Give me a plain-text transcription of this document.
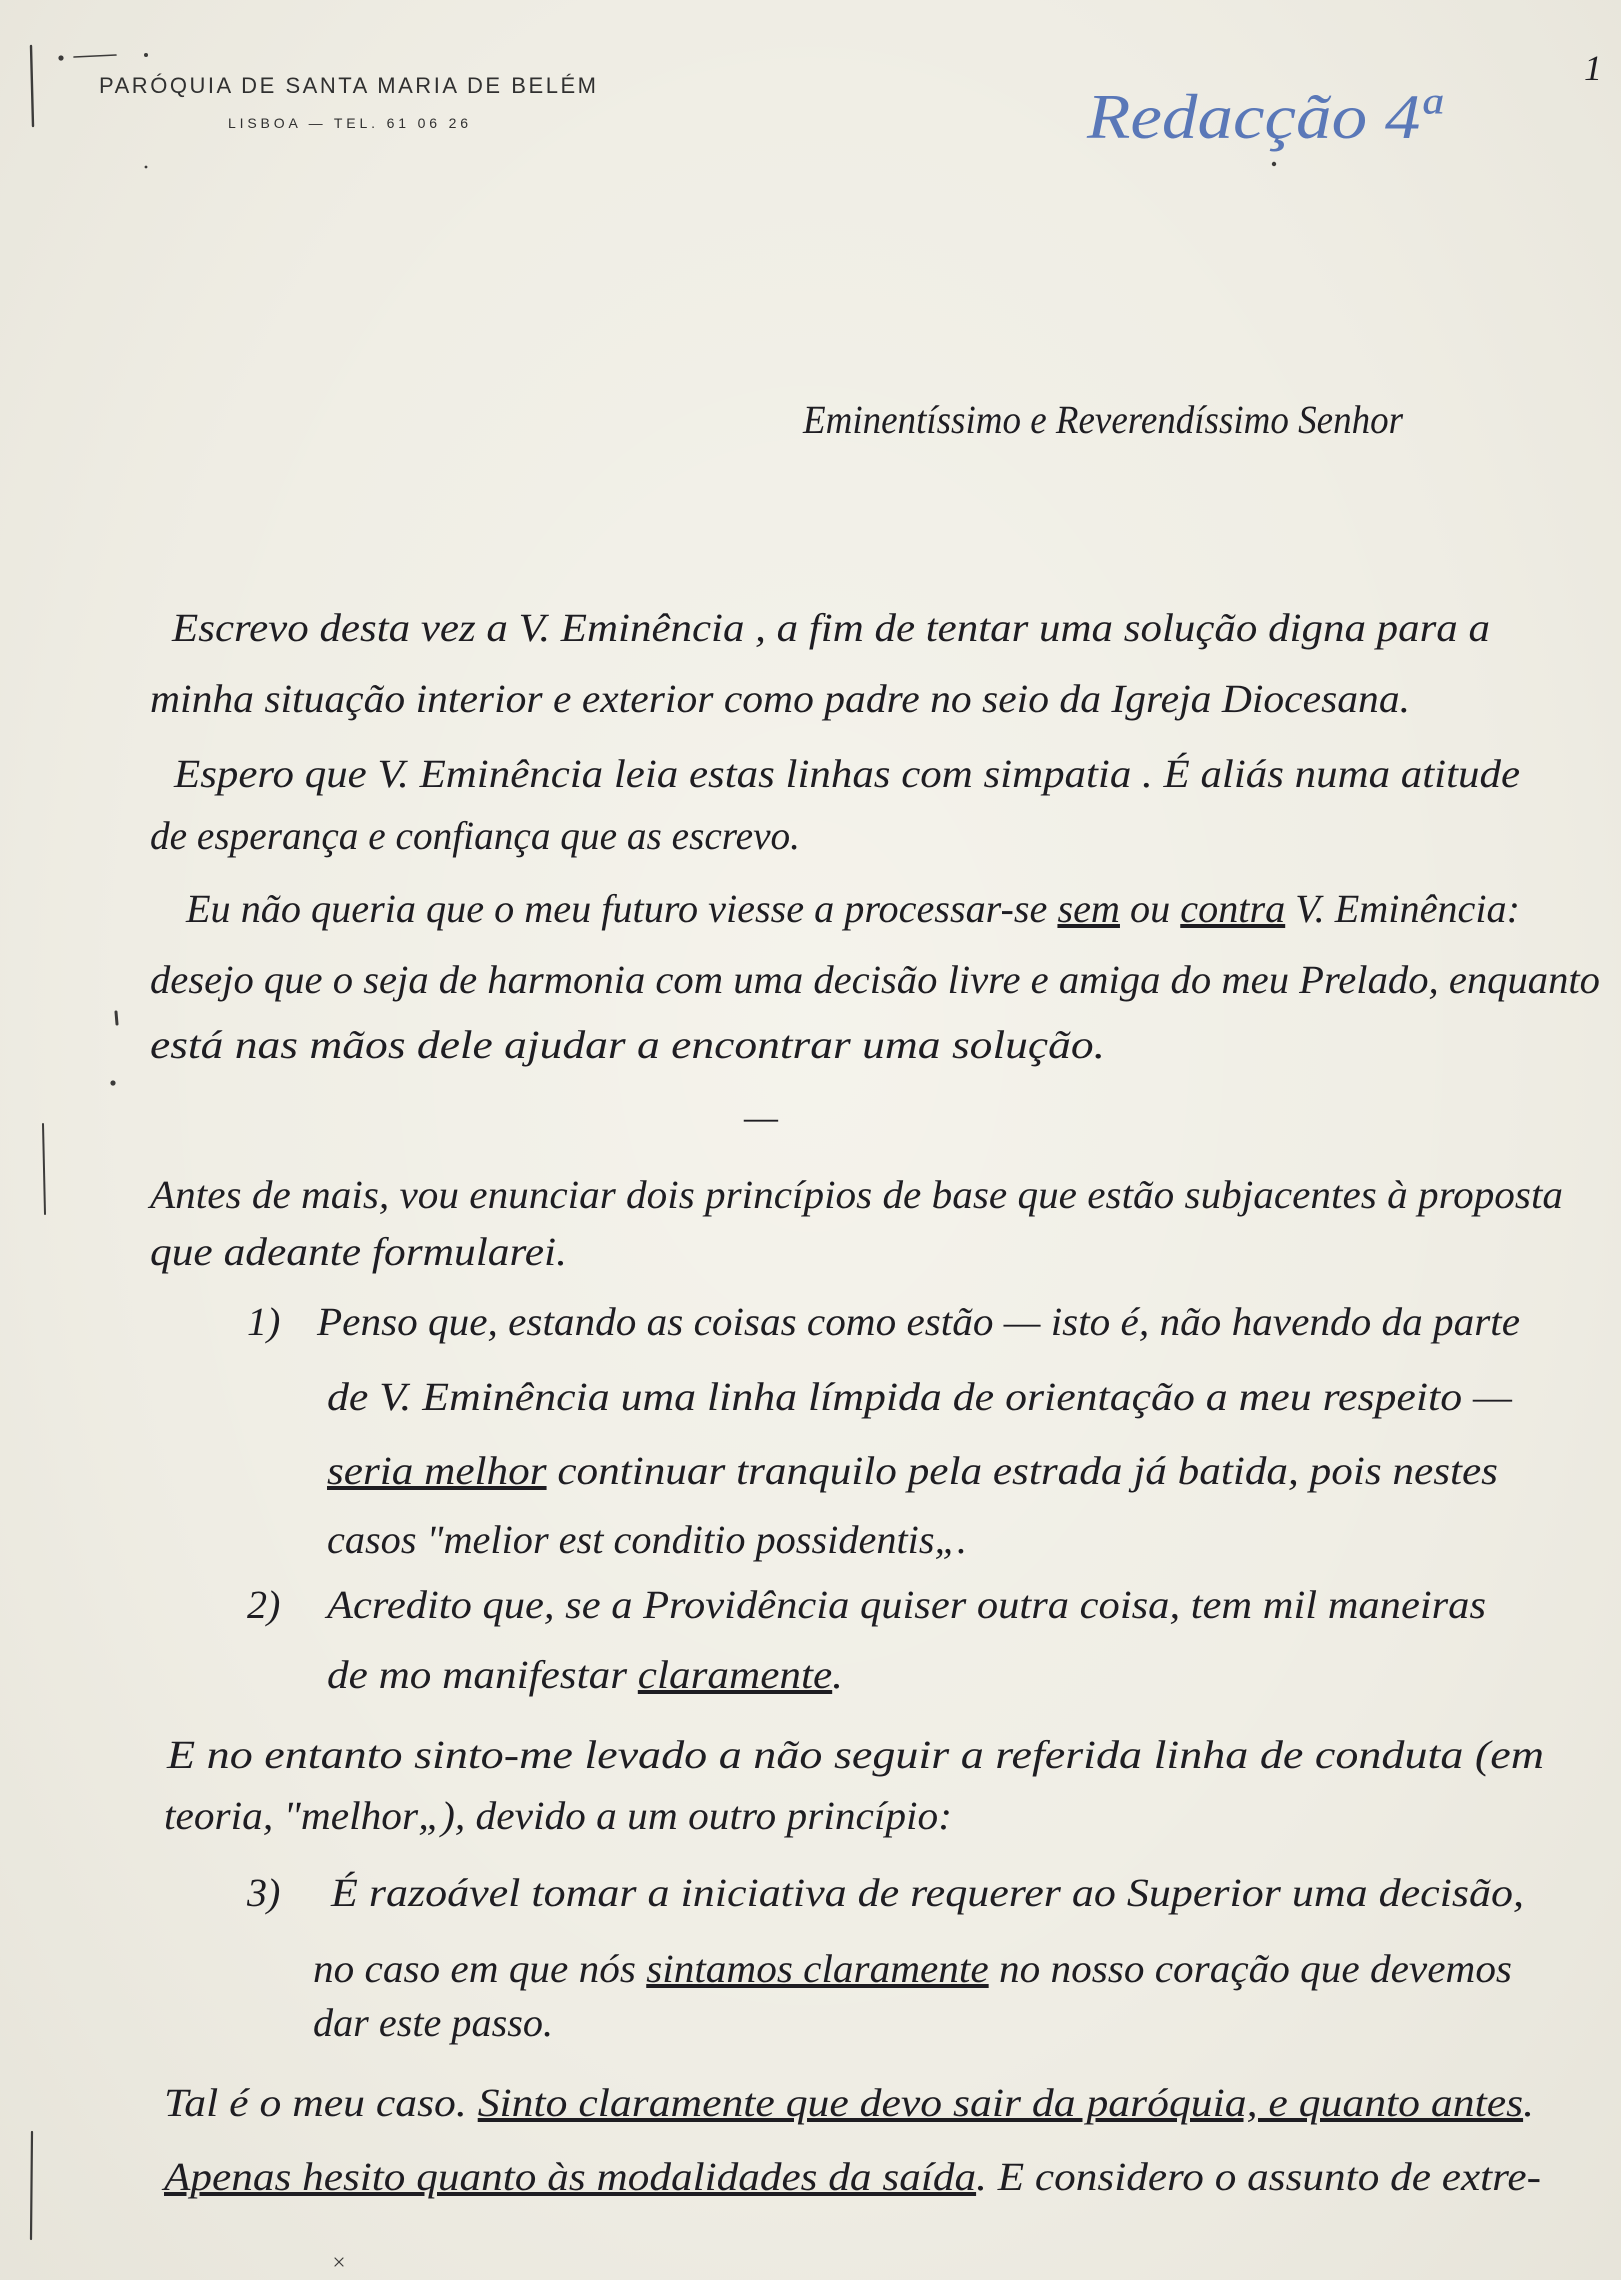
PARÓQUIA DE SANTA MARIA DE BELÉM
LISBOA — TEL. 61 06 26	Redacção 4ª
1
Eminentíssimo e Reverendíssimo Senhor
Escrevo desta vez a V. Eminência , a fim de tentar uma solução digna para a
minha situação interior e exterior como padre no seio da Igreja Diocesana.
Espero que V. Eminência leia estas linhas com simpatia . É aliás numa atitude
de esperança e confiança que as escrevo.
Eu não queria que o meu futuro viesse a processar-se sem ou contra V. Eminência:
desejo que o seja de harmonia com uma decisão livre e amiga do meu Prelado, enquanto
está nas mãos dele ajudar a encontrar uma solução.
—
Antes de mais, vou enunciar dois princípios de base que estão subjacentes à proposta
que adeante formularei.
1) Penso que, estando as coisas como estão — isto é, não havendo da parte
de V. Eminência uma linha límpida de orientação a meu respeito —
seria melhor continuar tranquilo pela estrada já batida, pois nestes
casos "melior est conditio possidentis„.
2) Acredito que, se a Providência quiser outra coisa, tem mil maneiras
de mo manifestar claramente .
E no entanto sinto-me levado a não seguir a referida linha de conduta (em
teoria, "melhor„), devido a um outro princípio:
3) É razoável tomar a iniciativa de requerer ao Superior uma decisão,
no caso em que nós sintamos claramente no nosso coração que devemos
dar este passo.
Tal é o meu caso. Sinto claramente que devo sair da paróquia, e quanto antes .
Apenas hesito quanto às modalidades da saída . E considero o assunto de extre-
